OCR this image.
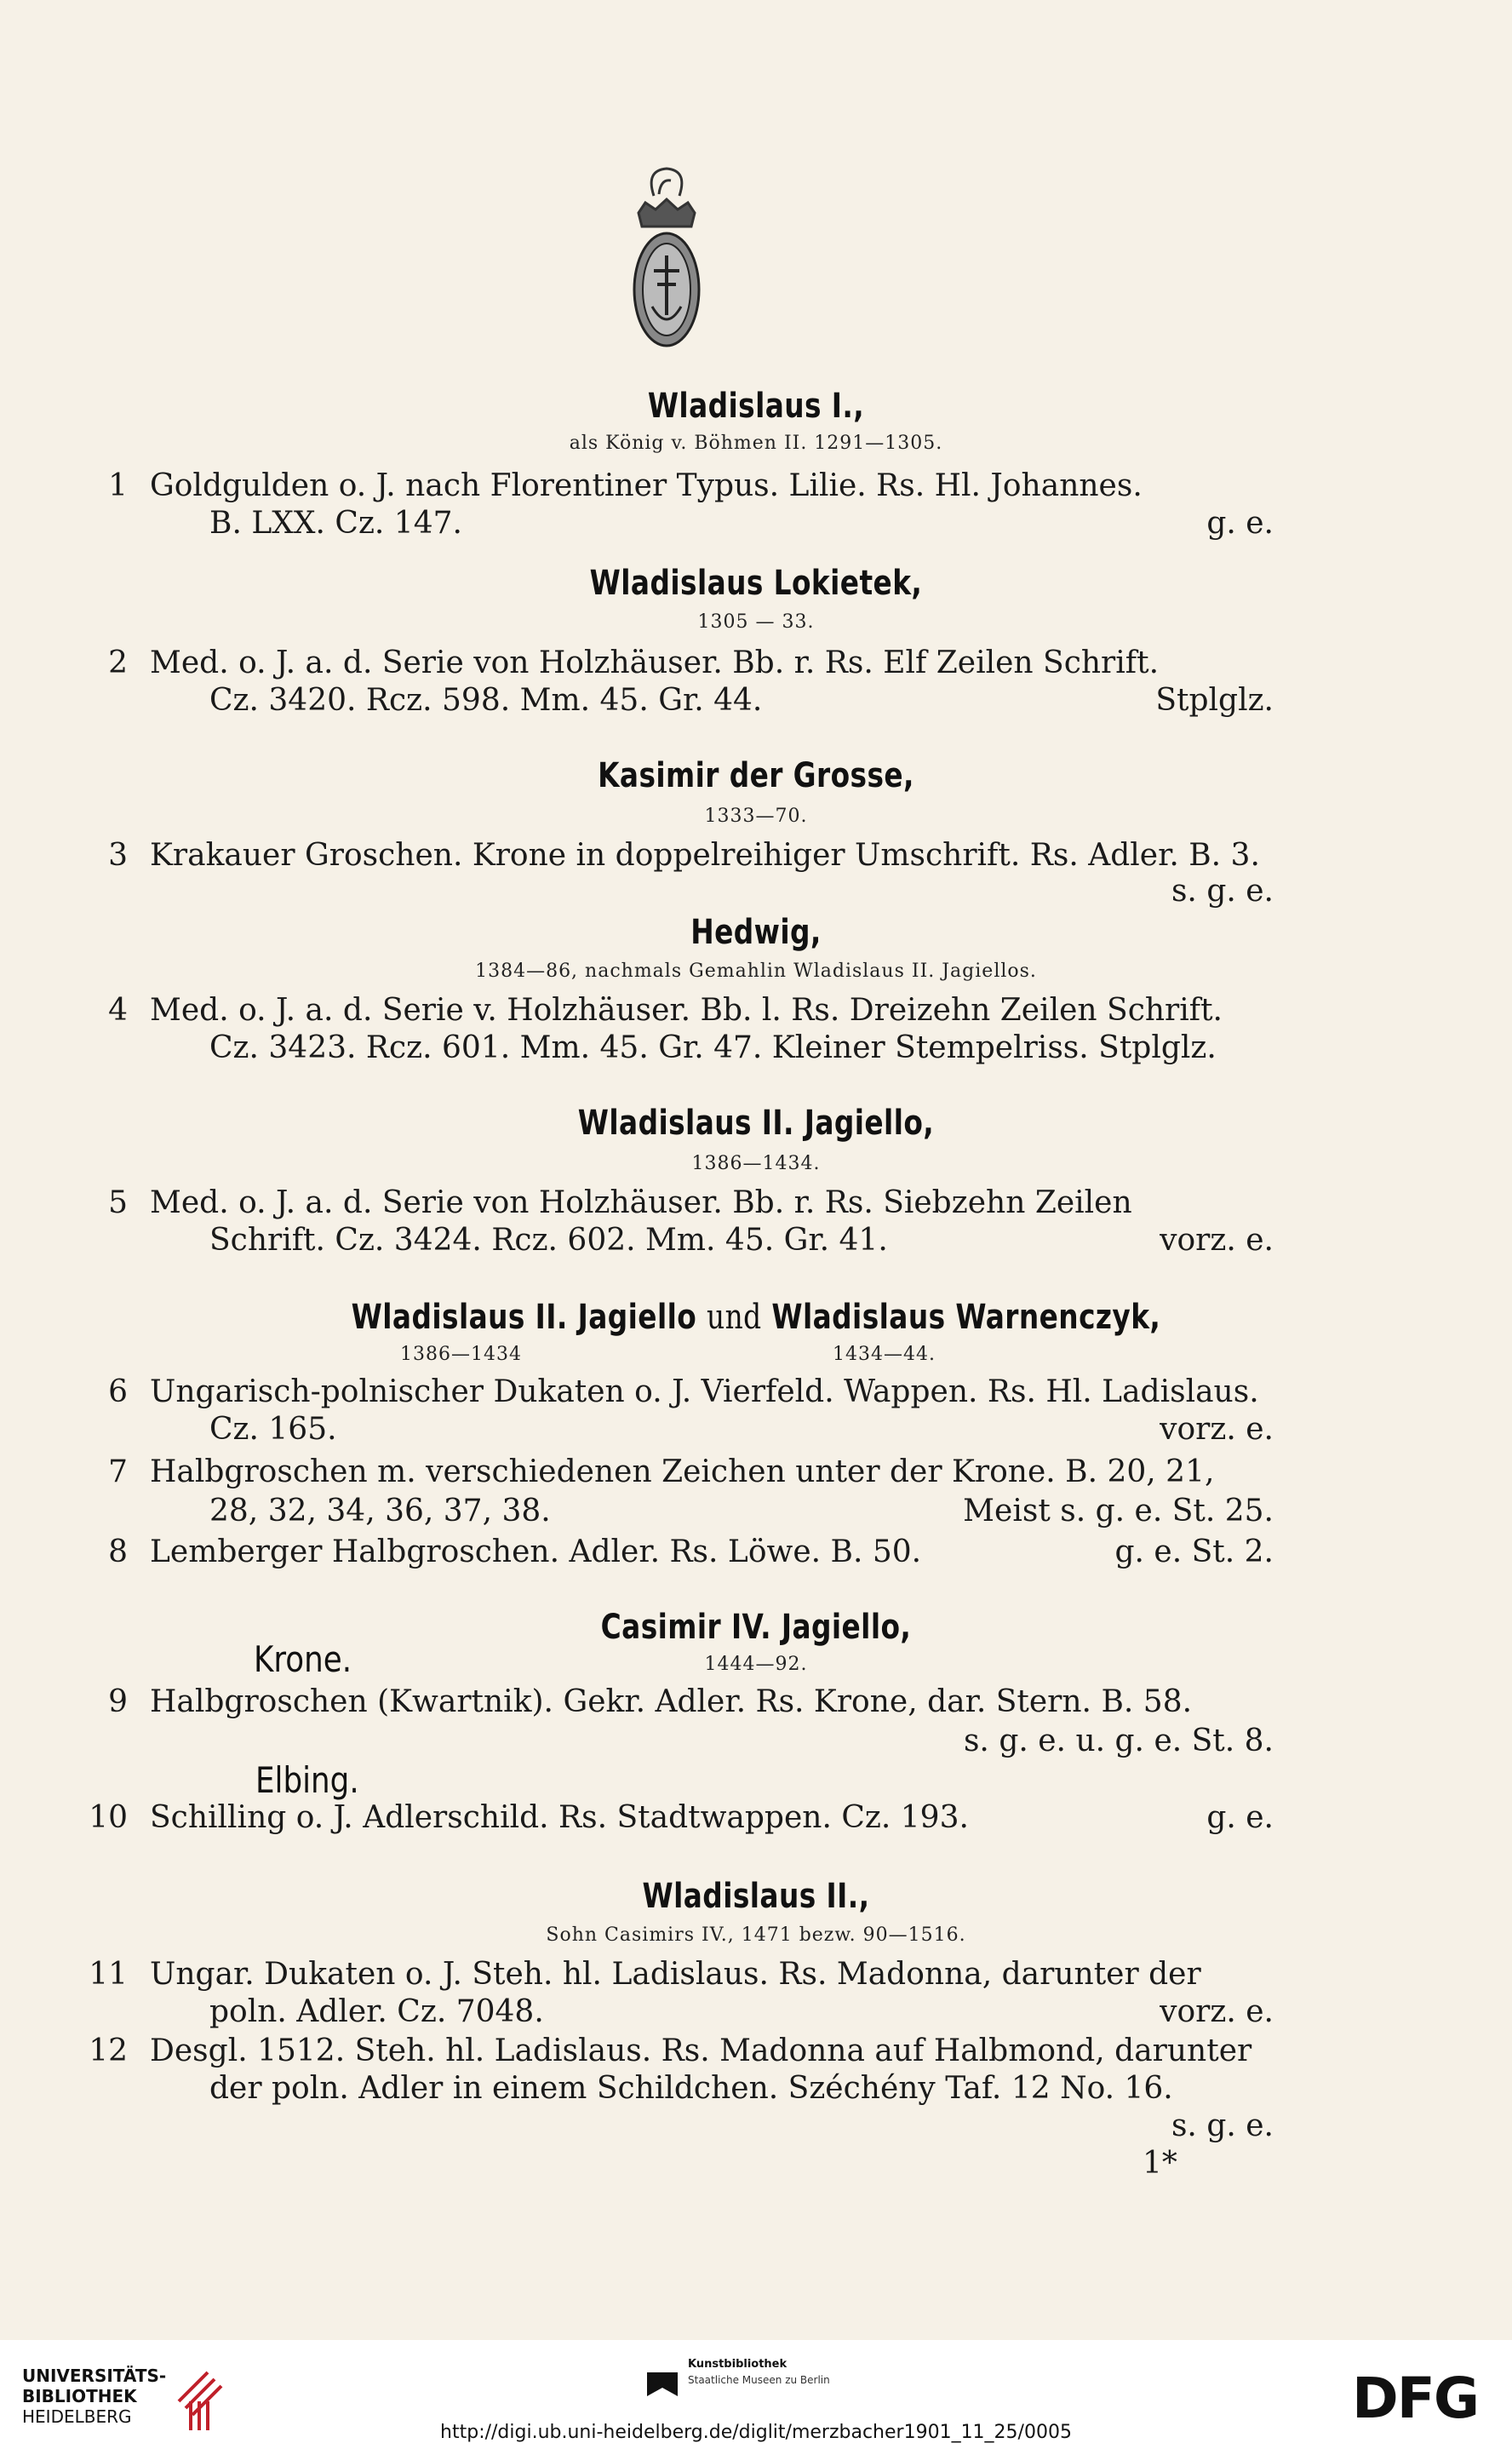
Wladislaus I.,
als König v. Böhmen II. 1291—1305.
1 Goldgulden o. J. nach Florentiner Typus. Lilie. Rs. Hl. Johannes.
B. LXX. Cz. 147.	g. e.
Wladislaus Lokietek,
1305 — 33.
2 Med. o. J. a. d. Serie von Holzhäuser. Bb. r. Rs. Elf Zeilen Schrift.
Cz. 3420. Rcz. 598. Mm. 45. Gr. 44.	Stplglz.
Kasimir der Grosse,
1333—70.
3 Krakauer Groschen. Krone in doppelreihiger Umschrift. Rs. Adler. B. 3.
s. g. e.
Hedwig,
1384—86, nachmals Gemahlin Wladislaus II. Jagiellos.
4 Med. o. J. a. d. Serie v. Holzhäuser. Bb. l. Rs. Dreizehn Zeilen Schrift.
Cz. 3423. Rcz. 601. Mm. 45. Gr. 47. Kleiner Stempelriss. Stplglz.
Wladislaus II. Jagiello,
1386—1434.
5 Med. o. J. a. d. Serie von Holzhäuser. Bb. r. Rs. Siebzehn Zeilen
Schrift. Cz. 3424. Rcz. 602. Mm. 45. Gr. 41.	vorz. e.
Wladislaus II. Jagiello und Wladislaus Warnenczyk,
1386—1434	1434—44.
6 Ungarisch-polnischer Dukaten o. J. Vierfeld. Wappen. Rs. Hl. Ladislaus.
Cz. 165.	vorz. e.
7 Halbgroschen m. verschiedenen Zeichen unter der Krone. B. 20, 21,
28, 32, 34, 36, 37, 38.	Meist s. g. e. St. 25.
8 Lemberger Halbgroschen. Adler. Rs. Löwe. B. 50.	g. e. St. 2.
Casimir IV. Jagiello,
Krone.	1444—92.
9 Halbgroschen (Kwartnik). Gekr. Adler. Rs. Krone, dar. Stern. B. 58.
s. g. e. u. g. e. St. 8.
Elbing.
10 Schilling o. J. Adlerschild. Rs. Stadtwappen. Cz. 193.	g. e.
Wladislaus II.,
Sohn Casimirs IV., 1471 bezw. 90—1516.
11 Ungar. Dukaten o. J. Steh. hl. Ladislaus. Rs. Madonna, darunter der
poln. Adler. Cz. 7048.	vorz. e.
12 Desgl. 1512. Steh. hl. Ladislaus. Rs. Madonna auf Halbmond, darunter
der poln. Adler in einem Schildchen. Széchény Taf. 12 No. 16.
s. g. e.
1*
UNIVERSITÄTS-
BIBLIOTHEK
HEIDELBERG
Kunstbibliothek
Staatliche Museen zu Berlin	DFG
http://digi.ub.uni-heidelberg.de/diglit/merzbacher1901_11_25/0005
